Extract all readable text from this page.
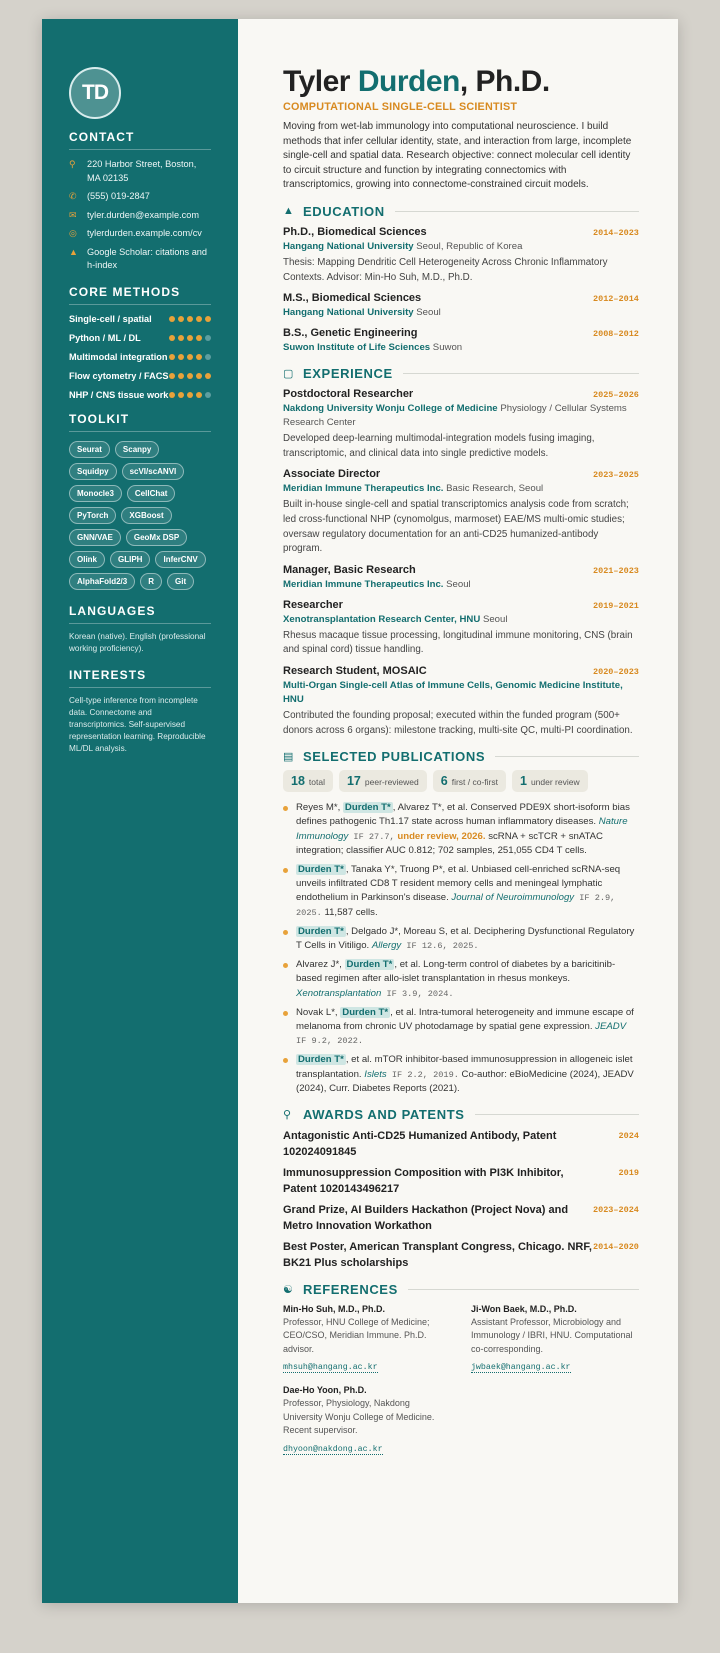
TD
CONTACT
⚲	220 Harbor Street, Boston, MA 02135
✆	(555) 019-2847
✉	tyler.durden@example.com
◎	tylerdurden.example.com/cv
▲ Google Scholar: citations and h-index
CORE METHODS
Single-cell / spatial
Python / ML / DL
Multimodal integration
Flow cytometry / FACS
NHP / CNS tissue work
TOOLKIT
Seurat	Scanpy
Squidpy	scVI/scANVI
Monocle3	CellChat
PyTorch	XGBoost
GNN/VAE	GeoMx DSP
Olink	GLIPH	InferCNV
AlphaFold2/3	R	Git
LANGUAGES
Korean (native). English (professional working proficiency).
INTERESTS
Cell-type inference from incomplete data. Connectome and transcriptomics. Self-supervised representation learning. Reproducible ML/DL analysis.
Tyler Durden, Ph.D.
COMPUTATIONAL SINGLE-CELL SCIENTIST

Moving from wet-lab immunology into computational neuroscience. I build methods that infer cellular identity, state, and interaction from large, incomplete single-cell and spatial data. Research objective: connect molecular cell identity to circuit structure and function by integrating connectomics with transcriptomics, growing into connectome-constrained circuit models.

▲ EDUCATION
Ph.D., Biomedical Sciences	2014–2023
Hangang National University Seoul, Republic of Korea
Thesis: Mapping Dendritic Cell Heterogeneity Across Chronic Inflammatory Contexts. Advisor: Min-Ho Suh, M.D., Ph.D.
M.S., Biomedical Sciences	2012–2014
Hangang National University Seoul
B.S., Genetic Engineering	2008–2012
Suwon Institute of Life Sciences Suwon
▢ EXPERIENCE
Postdoctoral Researcher	2025–2026
Nakdong University Wonju College of Medicine Physiology / Cellular Systems Research Center
Developed deep-learning multimodal-integration models fusing imaging, transcriptomic, and clinical data into single predictive models.
Associate Director	2023–2025
Meridian Immune Therapeutics Inc. Basic Research, Seoul
Built in-house single-cell and spatial transcriptomics analysis code from scratch; led cross-functional NHP (cynomolgus, marmoset) EAE/MS multi-omic studies; oversaw regulatory documentation for an anti-CD25 humanized-antibody program.
Manager, Basic Research	2021–2023
Meridian Immune Therapeutics Inc. Seoul
Researcher	2019–2021
Xenotransplantation Research Center, HNU Seoul
Rhesus macaque tissue processing, longitudinal immune monitoring, CNS (brain and spinal cord) tissue handling.
Research Student, MOSAIC	2020–2023
Multi-Organ Single-cell Atlas of Immune Cells, Genomic Medicine Institute, HNU
Contributed the founding proposal; executed within the funded program (500+ donors across 6 organs): milestone tracking, multi-site QC, multi-PI coordination.
▤ SELECTED PUBLICATIONS
18 total 17 peer-reviewed 6 first / co-first 1 under review
Reyes M*, Durden T* , Alvarez T*, et al. Conserved PDE9X short-isoform bias defines pathogenic Th1.17 state across human inflammatory diseases. Nature Immunology IF 27.7, under review, 2026. scRNA + scTCR + snATAC integration; classifier AUC 0.812; 702 samples, 251,055 CD4 T cells.
Durden T* , Tanaka Y*, Truong P*, et al. Unbiased cell-enriched scRNA-seq unveils infiltrated CD8 T resident memory cells and meningeal lymphatic endothelium in Parkinson's disease. Journal of Neuroimmunology IF 2.9, 2025. 11,587 cells.
Durden T* , Delgado J*, Moreau S, et al. Deciphering Dysfunctional Regulatory T Cells in Vitiligo. Allergy IF 12.6, 2025.
Alvarez J*, Durden T* , et al. Long-term control of diabetes by a baricitinib-based regimen after allo-islet transplantation in rhesus monkeys. Xenotransplantation IF 3.9, 2024.
Novak L*, Durden T* , et al. Intra-tumoral heterogeneity and immune escape of melanoma from chronic UV photodamage by spatial gene expression. JEADV IF 9.2, 2022.
Durden T* , et al. mTOR inhibitor-based immunosuppression in allogeneic islet transplantation. Islets IF 2.2, 2019. Co-author: eBioMedicine (2024), JEADV (2024), Curr. Diabetes Reports (2021).
⚲ AWARDS AND PATENTS
Antagonistic Anti-CD25 Humanized Antibody, Patent 102024091845
2024
Immunosuppression Composition with PI3K Inhibitor, Patent 1020143496217
2019
Grand Prize, AI Builders Hackathon (Project Nova) and Metro Innovation Workathon
2023–2024
Best Poster, American Transplant Congress, Chicago. NRF, BK21 Plus scholarships
2014–2020
☯ REFERENCES
Min-Ho Suh, M.D., Ph.D.
Professor, HNU College of Medicine; CEO/CSO, Meridian Immune. Ph.D. advisor.
mhsuh@hangang.ac.kr
Ji-Won Baek, M.D., Ph.D.
Assistant Professor, Microbiology and Immunology / IBRI, HNU. Computational co-corresponding.
jwbaek@hangang.ac.kr
Dae-Ho Yoon, Ph.D.
Professor, Physiology, Nakdong University Wonju College of Medicine. Recent supervisor.
dhyoon@nakdong.ac.kr
